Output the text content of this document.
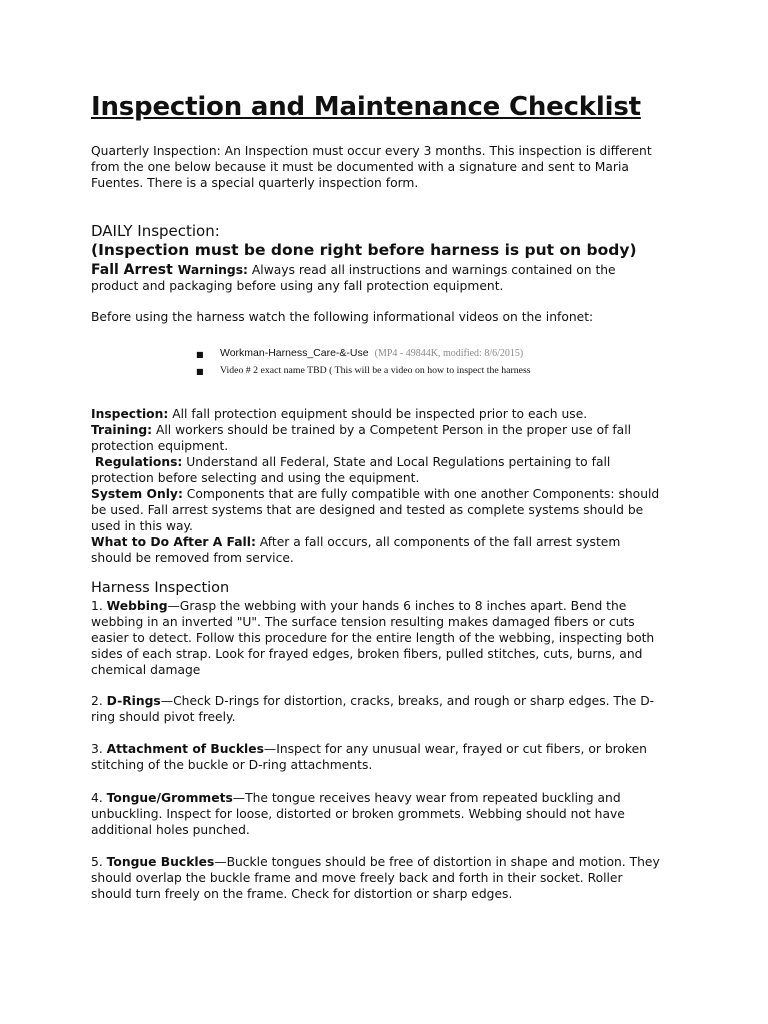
Inspection and Maintenance Checklist

Quarterly Inspection: An Inspection must occur every 3 months. This inspection is different
from the one below because it must be documented with a signature and sent to Maria
Fuentes. There is a special quarterly inspection form.

DAILY Inspection:
(Inspection must be done right before harness is put on body)

Fall Arrest Warnings: Always read all instructions and warnings contained on the
product and packaging before using any fall protection equipment.

Before using the harness watch the following informational videos on the infonet:

■ Workman-Harness_Care-&-Use (MP4 - 49844K, modified: 8/6/2015)
■ Video # 2 exact name TBD ( This will be a video on how to inspect the harness

Inspection: All fall protection equipment should be inspected prior to each use.
Training: All workers should be trained by a Competent Person in the proper use of fall
protection equipment.
Regulations: Understand all Federal, State and Local Regulations pertaining to fall
protection before selecting and using the equipment.
System Only: Components that are fully compatible with one another Components: should
be used. Fall arrest systems that are designed and tested as complete systems should be
used in this way.
What to Do After A Fall: After a fall occurs, all components of the fall arrest system
should be removed from service.

Harness Inspection

1. Webbing—Grasp the webbing with your hands 6 inches to 8 inches apart. Bend the
webbing in an inverted "U". The surface tension resulting makes damaged fibers or cuts
easier to detect. Follow this procedure for the entire length of the webbing, inspecting both
sides of each strap. Look for frayed edges, broken fibers, pulled stitches, cuts, burns, and
chemical damage

2. D-Rings—Check D-rings for distortion, cracks, breaks, and rough or sharp edges. The D-
ring should pivot freely.

3. Attachment of Buckles—Inspect for any unusual wear, frayed or cut fibers, or broken
stitching of the buckle or D-ring attachments.

4. Tongue/Grommets—The tongue receives heavy wear from repeated buckling and
unbuckling. Inspect for loose, distorted or broken grommets. Webbing should not have
additional holes punched.

5. Tongue Buckles—Buckle tongues should be free of distortion in shape and motion. They
should overlap the buckle frame and move freely back and forth in their socket. Roller
should turn freely on the frame. Check for distortion or sharp edges.
